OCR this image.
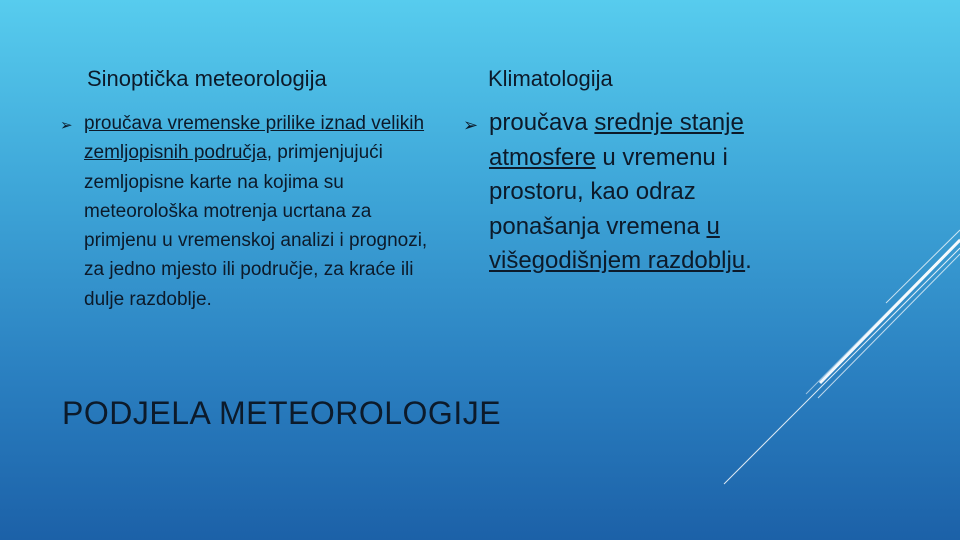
Sinoptička meteorologija	Klimatologija
➢ proučava vremenske prilike iznad velikih zemljopisnih područja, primjenjujući zemljopisne karte na kojima su meteorološka motrenja ucrtana za primjenu u vremenskoj analizi i prognozi, za jedno mjesto ili područje, za kraće ili dulje razdoblje.
➢ proučava srednje stanje atmosfere u vremenu i prostoru, kao odraz ponašanja vremena u višegodišnjem razdoblju.
PODJELA METEOROLOGIJE
